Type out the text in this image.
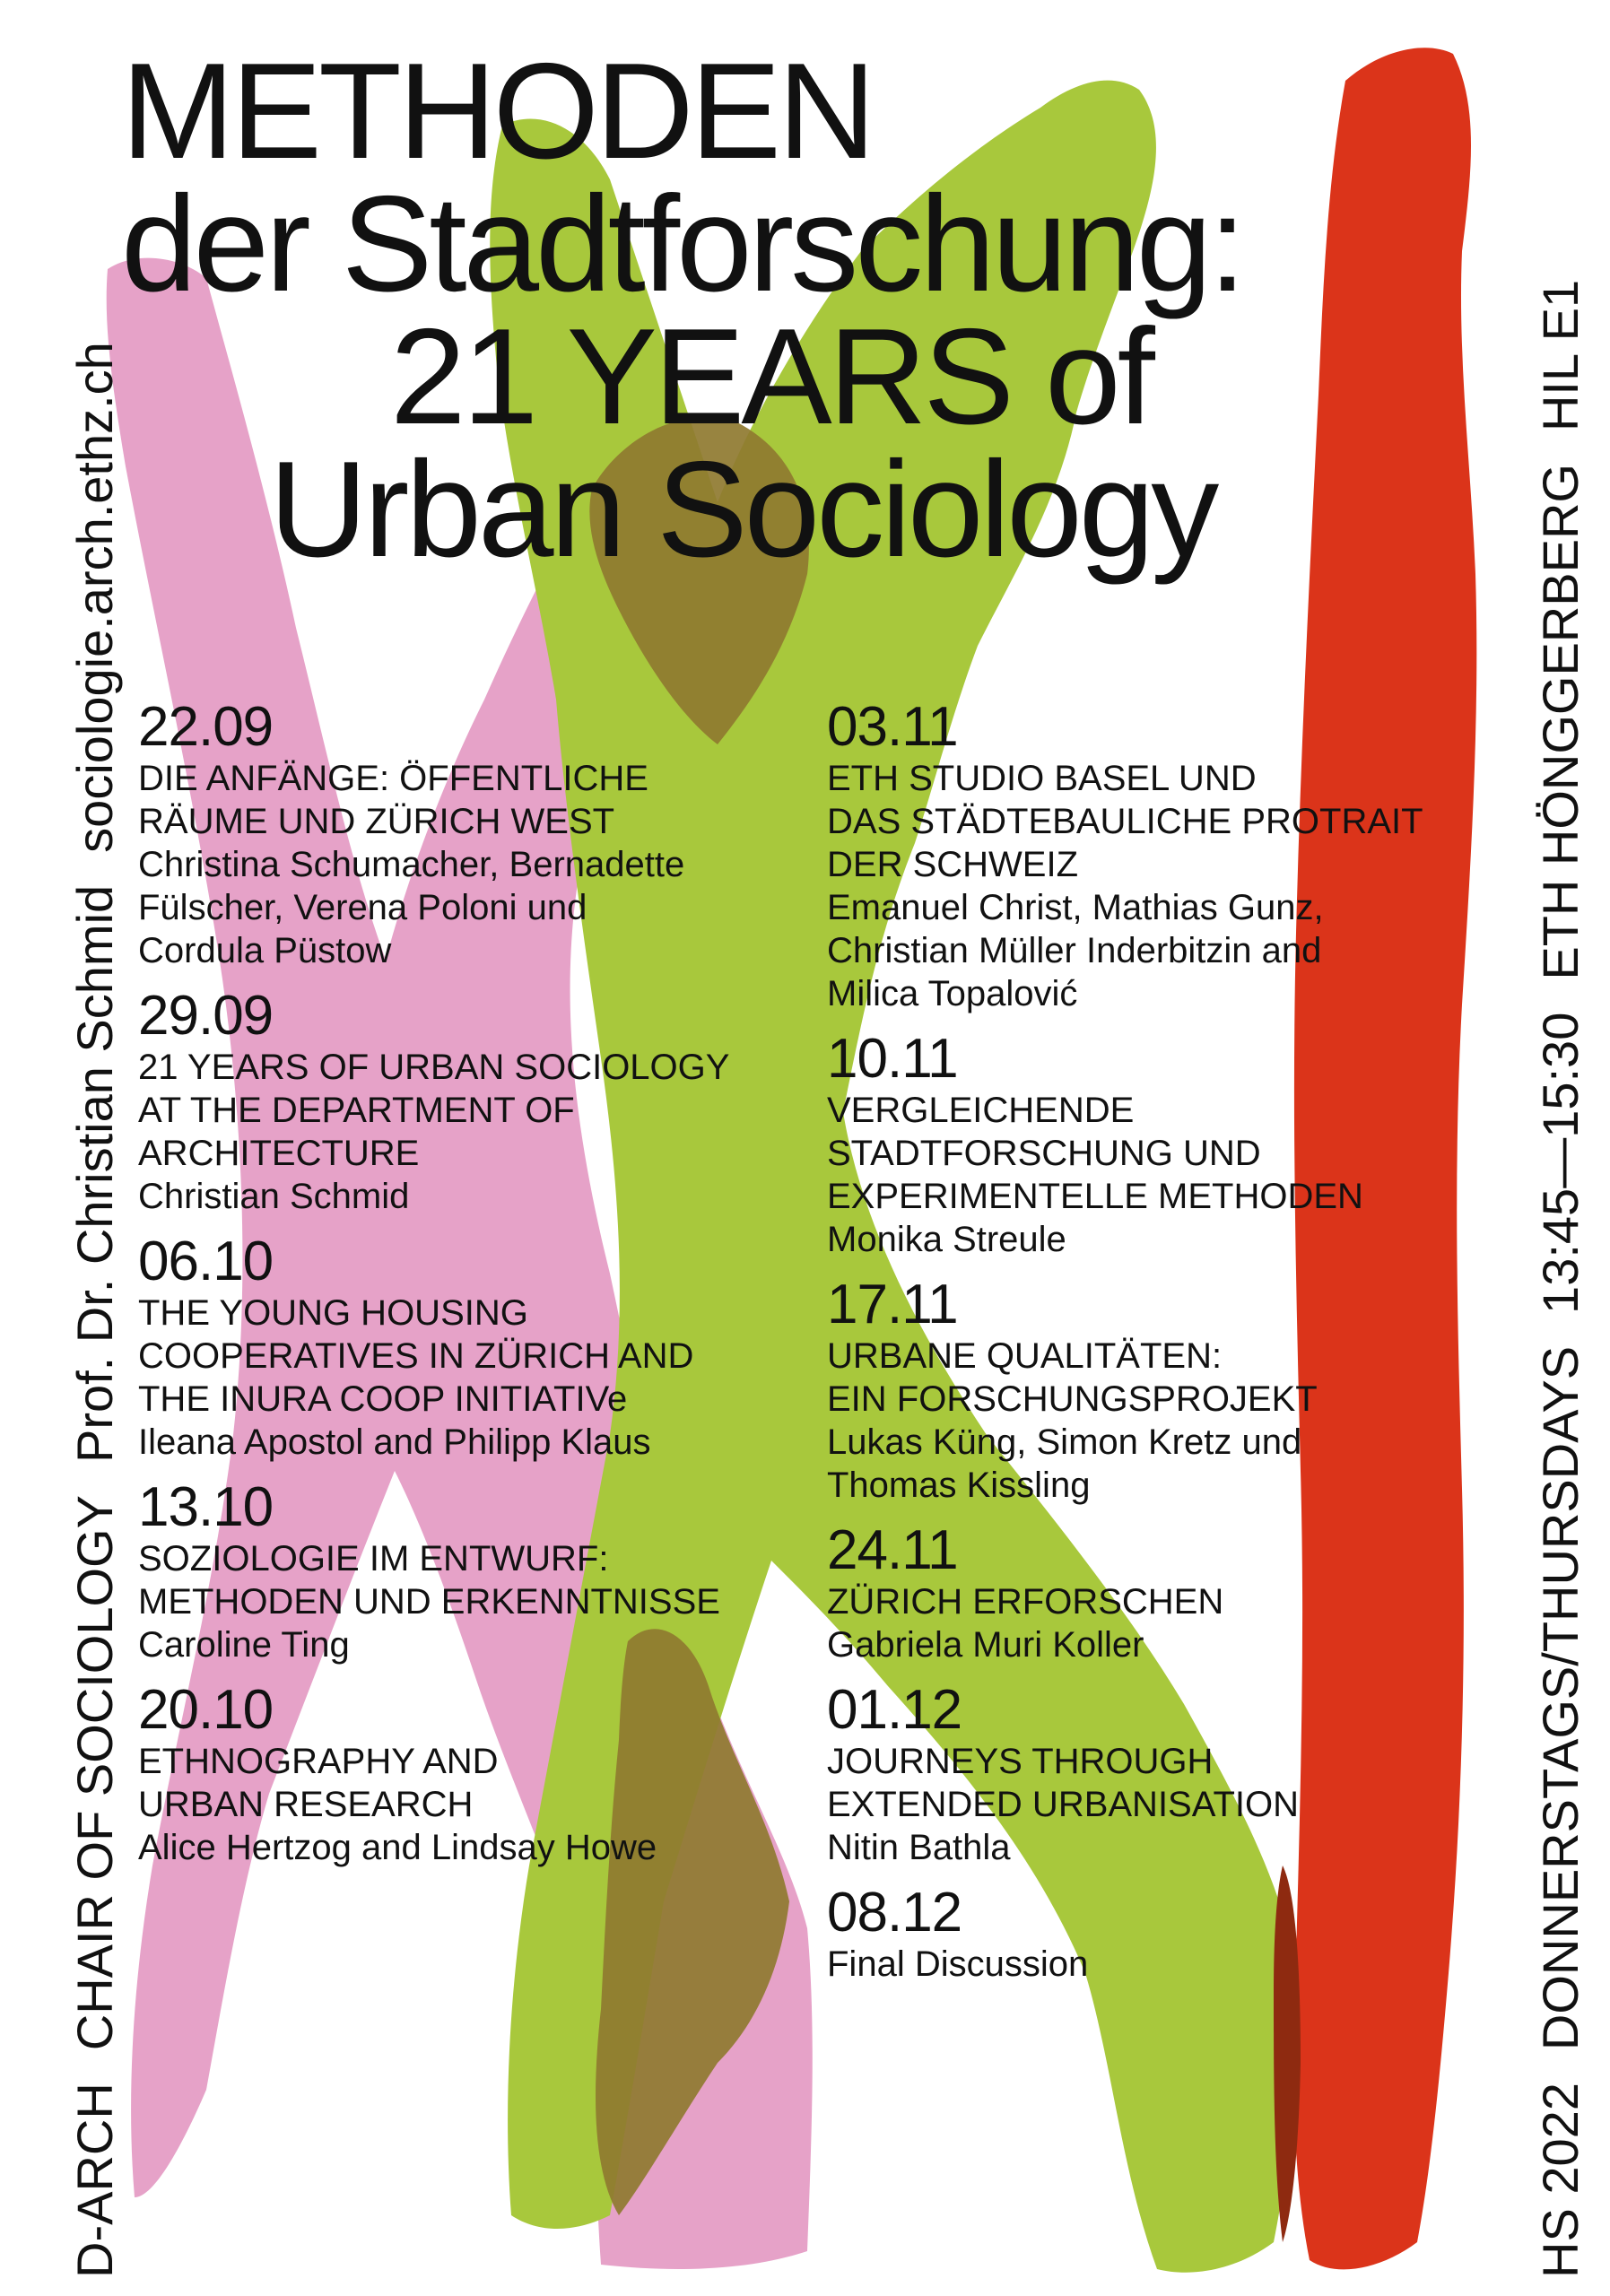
D-ARCHCHAIR OF SOCIOLOGYProf. Dr. Christian Schmidsociologie.arch.ethz.ch
HS 2022DONNERSTAGS/THURSDAYS13:45—15:30ETH HÖNGGERBERGHIL E1
METHODEN
der Stadtforschung:
21 YEARS of
Urban Sociology
22.09
DIE ANFÄNGE: ÖFFENTLICHE
RÄUME UND ZÜRICH WEST
Christina Schumacher, Bernadette
Fülscher, Verena Poloni und
Cordula Püstow
29.09
21 YEARS OF URBAN SOCIOLOGY
AT THE DEPARTMENT OF
ARCHITECTURE
Christian Schmid
06.10
THE YOUNG HOUSING
COOPERATIVES IN ZÜRICH AND
THE INURA COOP INITIATIVe
Ileana Apostol and Philipp Klaus
13.10
SOZIOLOGIE IM ENTWURF:
METHODEN UND ERKENNTNISSE
Caroline Ting
20.10
ETHNOGRAPHY AND
URBAN RESEARCH
Alice Hertzog and Lindsay Howe
03.11
ETH STUDIO BASEL UND
DAS STÄDTEBAULICHE PROTRAIT
DER SCHWEIZ
Emanuel Christ, Mathias Gunz,
Christian Müller Inderbitzin and
Milica Topalović
10.11
VERGLEICHENDE
STADTFORSCHUNG UND
EXPERIMENTELLE METHODEN
Monika Streule
17.11
URBANE QUALITÄTEN:
EIN FORSCHUNGSPROJEKT
Lukas Küng, Simon Kretz und
Thomas Kissling
24.11
ZÜRICH ERFORSCHEN
Gabriela Muri Koller
01.12
JOURNEYS THROUGH
EXTENDED URBANISATION
Nitin Bathla
08.12
Final Discussion
